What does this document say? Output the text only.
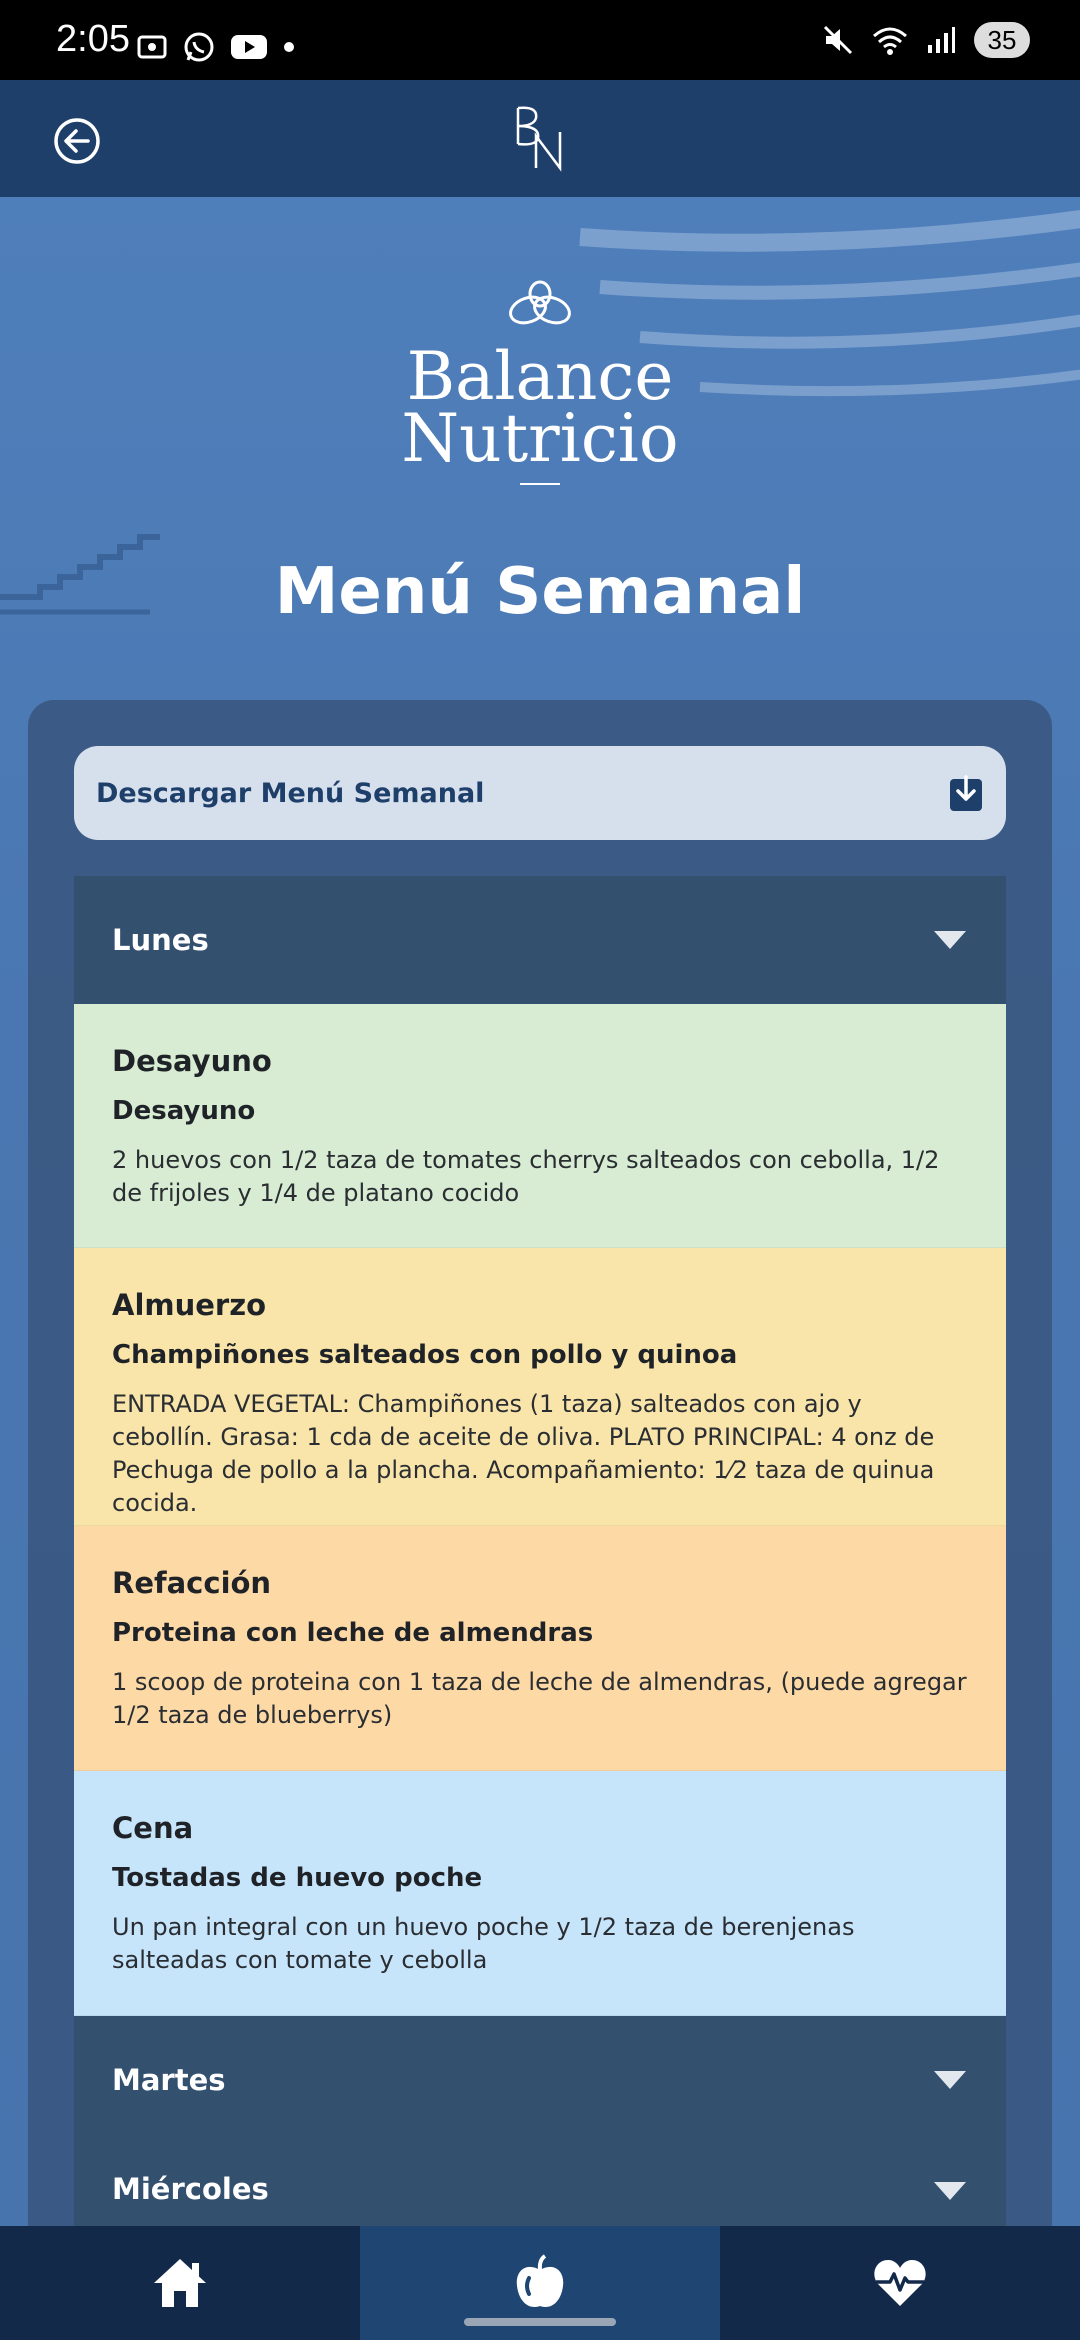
2:05	35
Balance
Nutricio
Menú Semanal
Descargar Menú Semanal
Lunes
Desayuno
Desayuno
2 huevos con 1/2 taza de tomates cherrys salteados con cebolla, 1/2 de frijoles y 1/4 de platano cocido
Almuerzo
Champiñones salteados con pollo y quinoa
ENTRADA VEGETAL: Champiñones (1 taza) salteados con ajo y cebollín. Grasa: 1 cda de aceite de oliva. PLATO PRINCIPAL: 4 onz de Pechuga de pollo a la plancha. Acompañamiento: 1⁄2 taza de quinua cocida.
Refacción
Proteina con leche de almendras
1 scoop de proteina con 1 taza de leche de almendras, (puede agregar 1/2 taza de blueberrys)
Cena
Tostadas de huevo poche
Un pan integral con un huevo poche y 1/2 taza de berenjenas salteadas con tomate y cebolla
Martes
Miércoles
